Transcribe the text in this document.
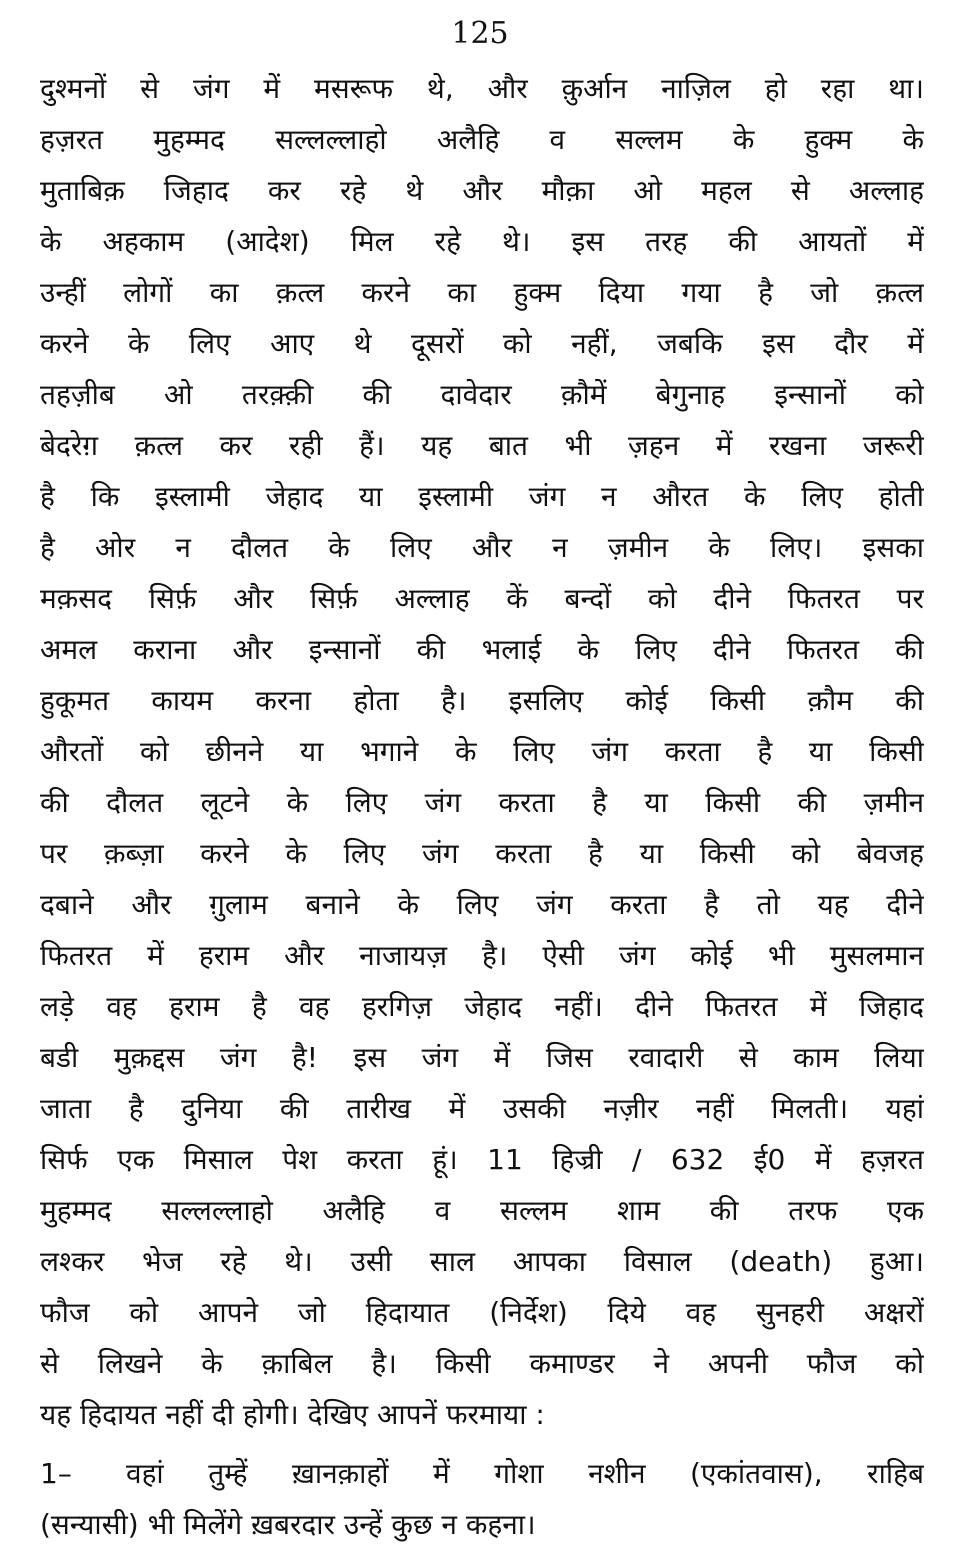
125
दुश्मनों से जंग में मसरूफ थे, और क़ुर्आन नाज़िल हो रहा था।
हज़रत मुहम्मद सल्लल्लाहो अलैहि व सल्लम के हुक्म के
मुताबिक़ जिहाद कर रहे थे और मौक़ा ओ महल से अल्लाह
के अहकाम (आदेश) मिल रहे थे। इस तरह की आयतों में
उन्हीं लोगों का क़त्ल करने का हुक्म दिया गया है जो क़त्ल
करने के लिए आए थे दूसरों को नहीं, जबकि इस दौर में
तहज़ीब ओ तरक़्क़ी की दावेदार क़ौमें बेगुनाह इन्सानों को
बेदरेग़ क़त्ल कर रही हैं। यह बात भी ज़हन में रखना जरूरी
है कि इस्लामी जेहाद या इस्लामी जंग न औरत के लिए होती
है ओर न दौलत के लिए और न ज़मीन के लिए। इसका
मक़सद सिर्फ़ और सिर्फ़ अल्लाह कें बन्दों को दीने फितरत पर
अमल कराना और इन्सानों की भलाई के लिए दीने फितरत की
हुकूमत कायम करना होता है। इसलिए कोई किसी क़ौम की
औरतों को छीनने या भगाने के लिए जंग करता है या किसी
की दौलत लूटने के लिए जंग करता है या किसी की ज़मीन
पर क़ब्ज़ा करने के लिए जंग करता है या किसी को बेवजह
दबाने और ग़ुलाम बनाने के लिए जंग करता है तो यह दीने
फितरत में हराम और नाजायज़ है। ऐसी जंग कोई भी मुसलमान
लड़े वह हराम है वह हरगिज़ जेहाद नहीं। दीने फितरत में जिहाद
बडी मुक़द्दस जंग है! इस जंग में जिस रवादारी से काम लिया
जाता है दुनिया की तारीख में उसकी नज़ीर नहीं मिलती। यहां
सिर्फ एक मिसाल पेश करता हूं। 11 हिज्री / 632 ई0 में हज़रत
मुहम्मद सल्लल्लाहो अलैहि व सल्लम शाम की तरफ एक
लश्कर भेज रहे थे। उसी साल आपका विसाल (death) हुआ।
फौज को आपने जो हिदायात (निर्देश) दिये वह सुनहरी अक्षरों
से लिखने के क़ाबिल है। किसी कमाण्डर ने अपनी फौज को
यह हिदायत नहीं दी होगी। देखिए आपनें फरमाया :
1–	वहां तुम्हें ख़ानक़ाहों में गोशा नशीन (एकांतवास), राहिब
(सन्यासी) भी मिलेंगे ख़बरदार उन्हें कुछ न कहना।
